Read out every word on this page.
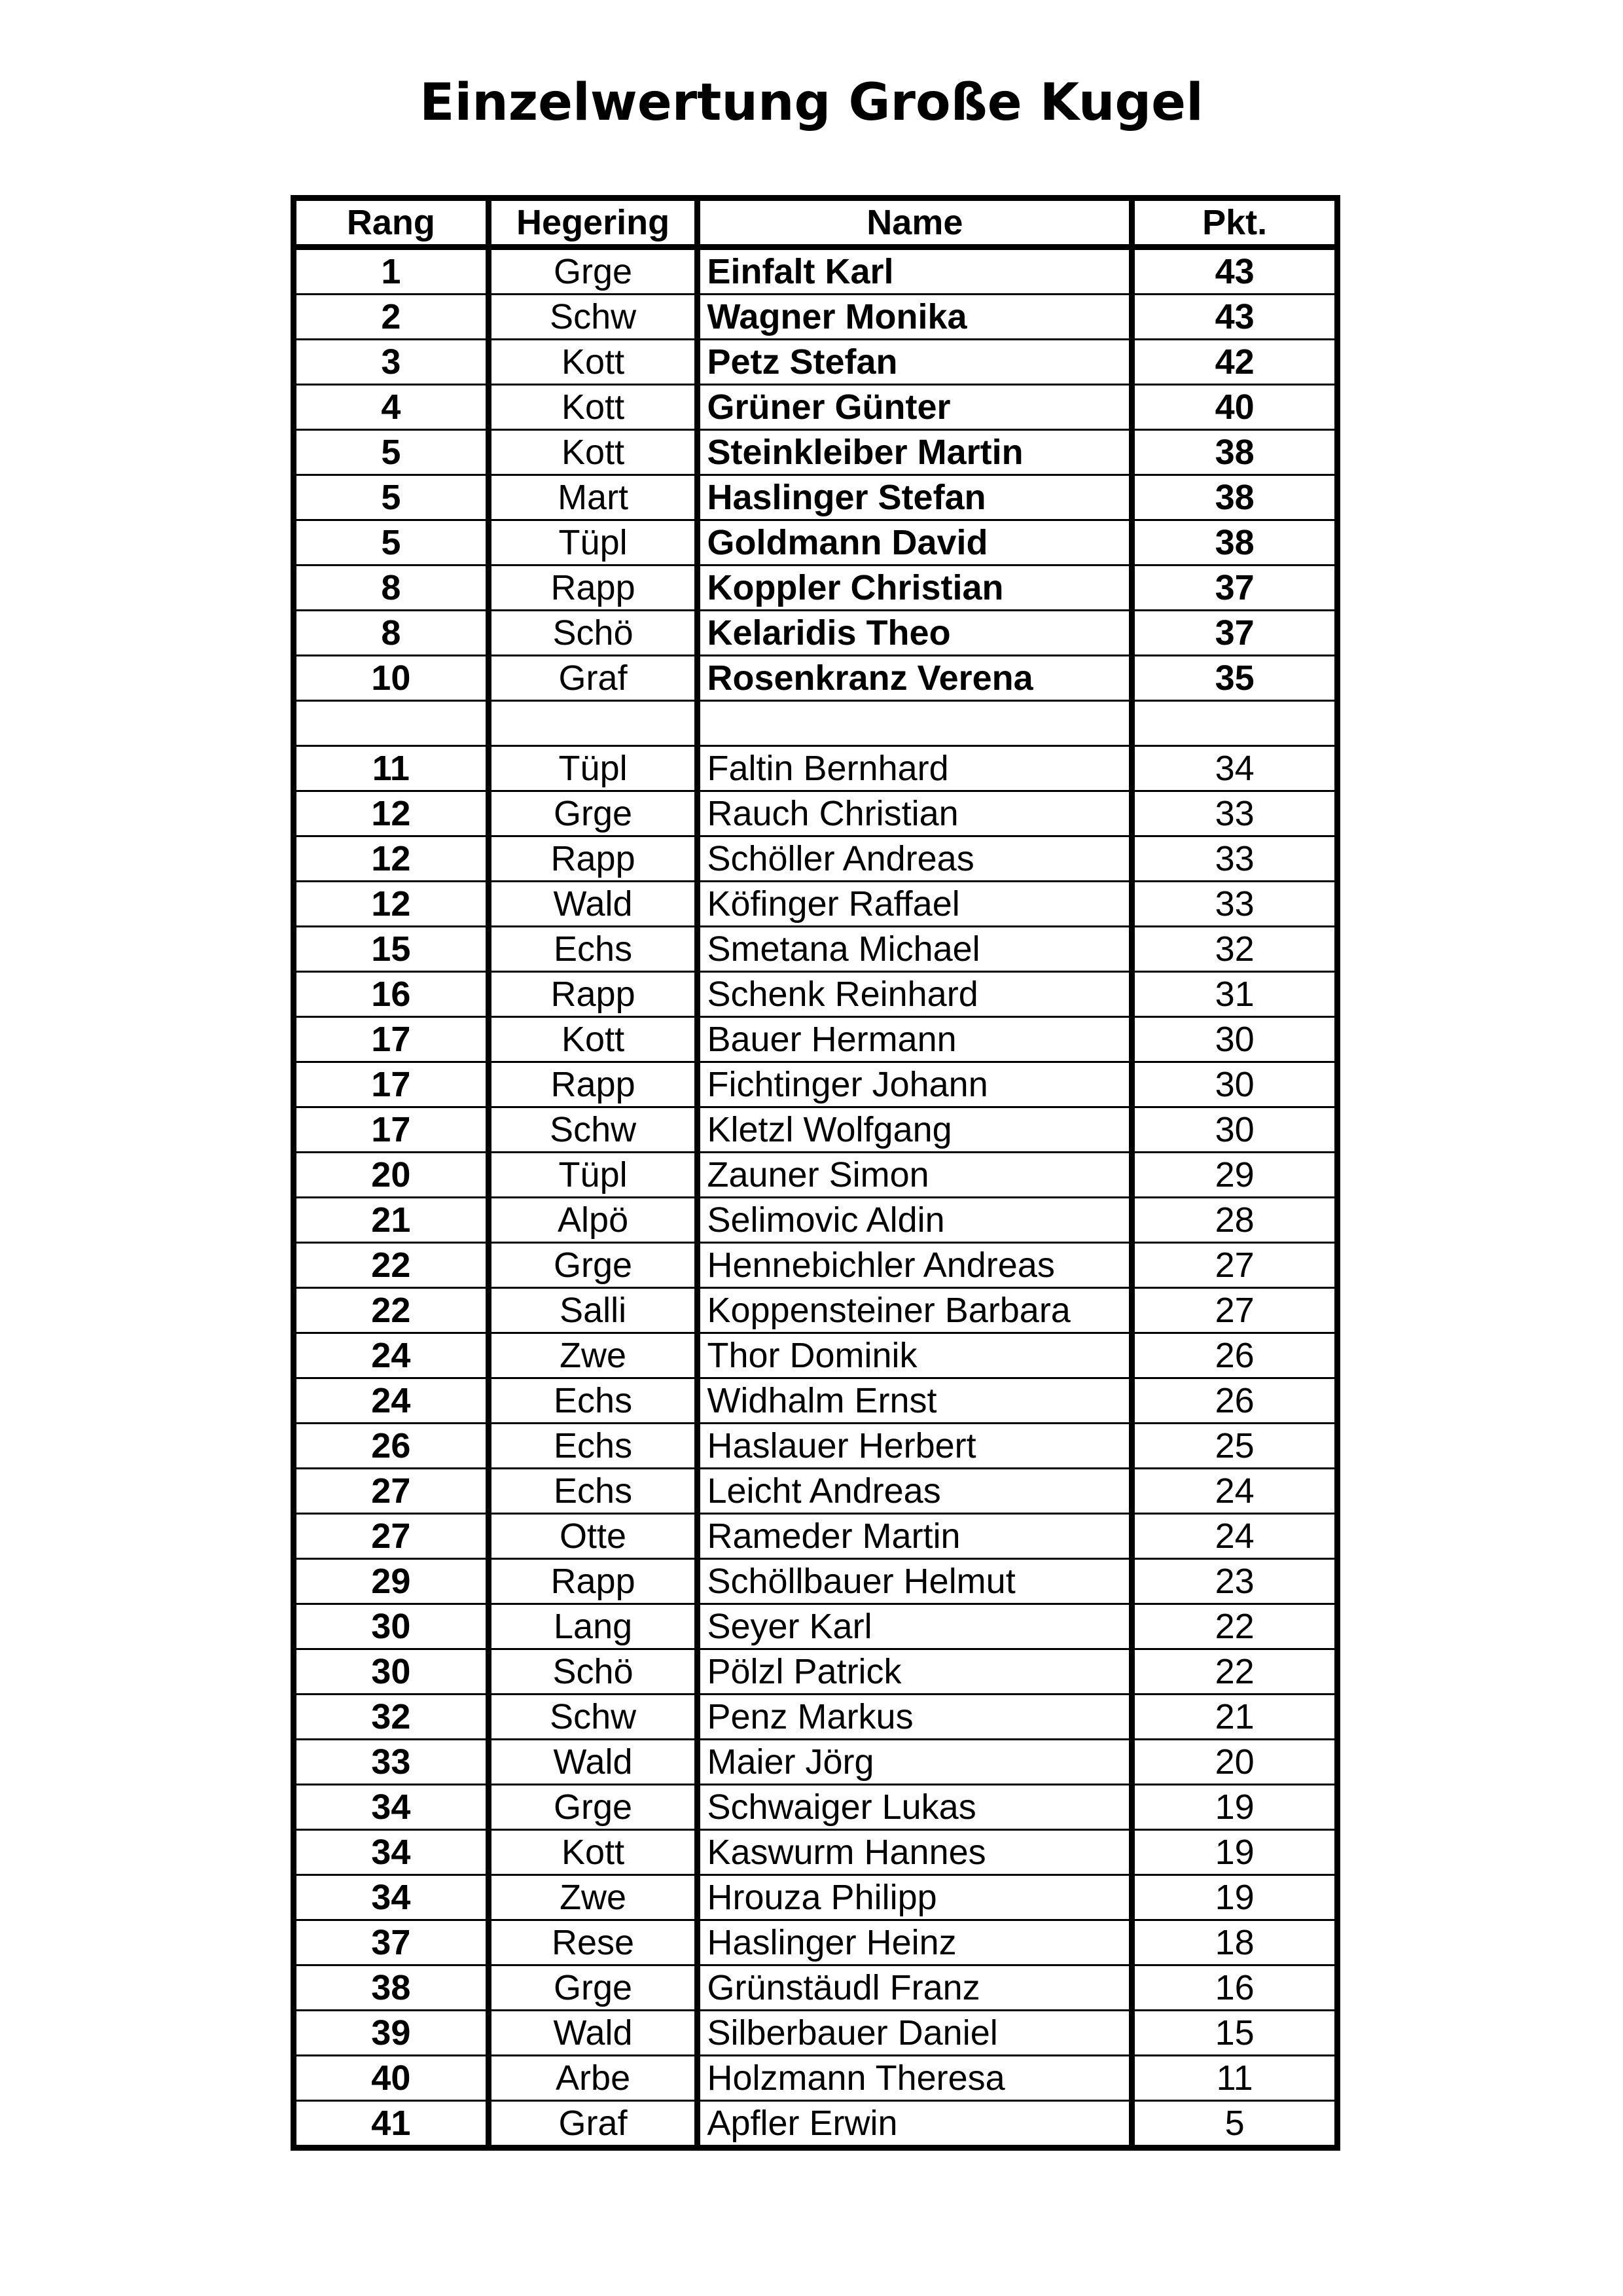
Einzelwertung Große Kugel
Rang	Hegering	Name	Pkt.
1	Grge	Einfalt Karl	43
2	Schw	Wagner Monika	43
3	Kott	Petz Stefan	42
4	Kott	Grüner Günter	40
5	Kott	Steinkleiber Martin	38
5	Mart	Haslinger Stefan	38
5	Tüpl	Goldmann David	38
8	Rapp	Koppler Christian	37
8	Schö	Kelaridis Theo	37
10	Graf	Rosenkranz Verena	35

11	Tüpl	Faltin Bernhard	34
12	Grge	Rauch Christian	33
12	Rapp	Schöller Andreas	33
12	Wald	Köfinger Raffael	33
15	Echs	Smetana Michael	32
16	Rapp	Schenk Reinhard	31
17	Kott	Bauer Hermann	30
17	Rapp	Fichtinger Johann	30
17	Schw	Kletzl Wolfgang	30
20	Tüpl	Zauner Simon	29
21	Alpö	Selimovic Aldin	28
22	Grge	Hennebichler Andreas	27
22	Salli	Koppensteiner Barbara	27
24	Zwe	Thor Dominik	26
24	Echs	Widhalm Ernst	26
26	Echs	Haslauer Herbert	25
27	Echs	Leicht Andreas	24
27	Otte	Rameder Martin	24
29	Rapp	Schöllbauer Helmut	23
30	Lang	Seyer Karl	22
30	Schö	Pölzl Patrick	22
32	Schw	Penz Markus	21
33	Wald	Maier Jörg	20
34	Grge	Schwaiger Lukas	19
34	Kott	Kaswurm Hannes	19
34	Zwe	Hrouza Philipp	19
37	Rese	Haslinger Heinz	18
38	Grge	Grünstäudl Franz	16
39	Wald	Silberbauer Daniel	15
40	Arbe	Holzmann Theresa	11
41	Graf	Apfler Erwin	5
